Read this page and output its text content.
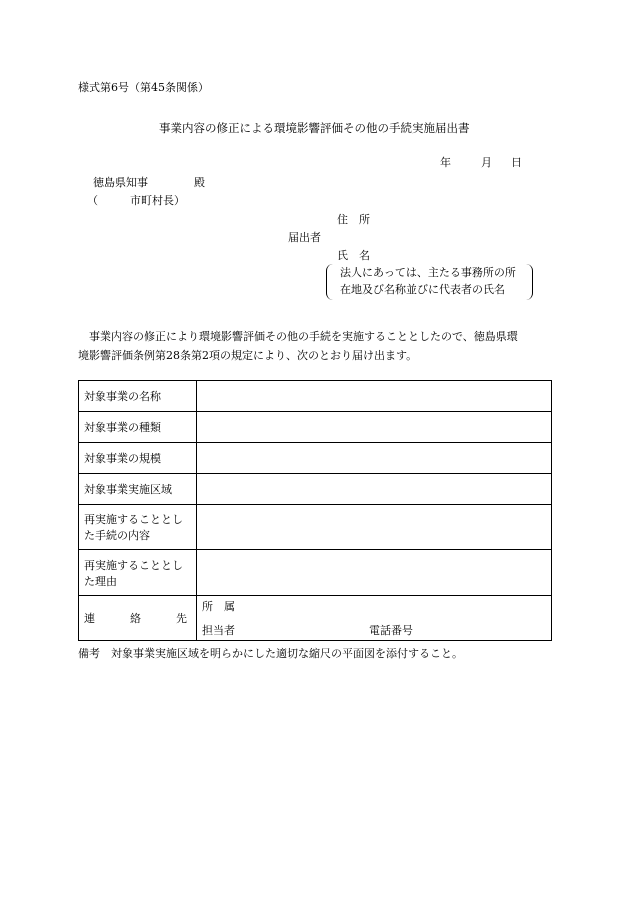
様式第6号（第45条関係）
事業内容の修正による環境影響評価その他の手続実施届出書
年	月 日
徳島県知事	殿
（	市町村長）
住　所
届出者
氏　名
法人にあっては、主たる事務所の所
在地及び名称並びに代表者の氏名

　事業内容の修正により環境影響評価その他の手続を実施することとしたので、徳島県環

境影響評価条例第28条第2項の規定により、次のとおり届け出ます。

対象事業の名称	
対象事業の種類	
対象事業の規模	
対象事業実施区域	

再実施することとし
た手続の内容	

再実施することとし
た理由	

連 絡 先	所　属
担当者 電話番号
備考　対象事業実施区域を明らかにした適切な縮尺の平面図を添付すること。
